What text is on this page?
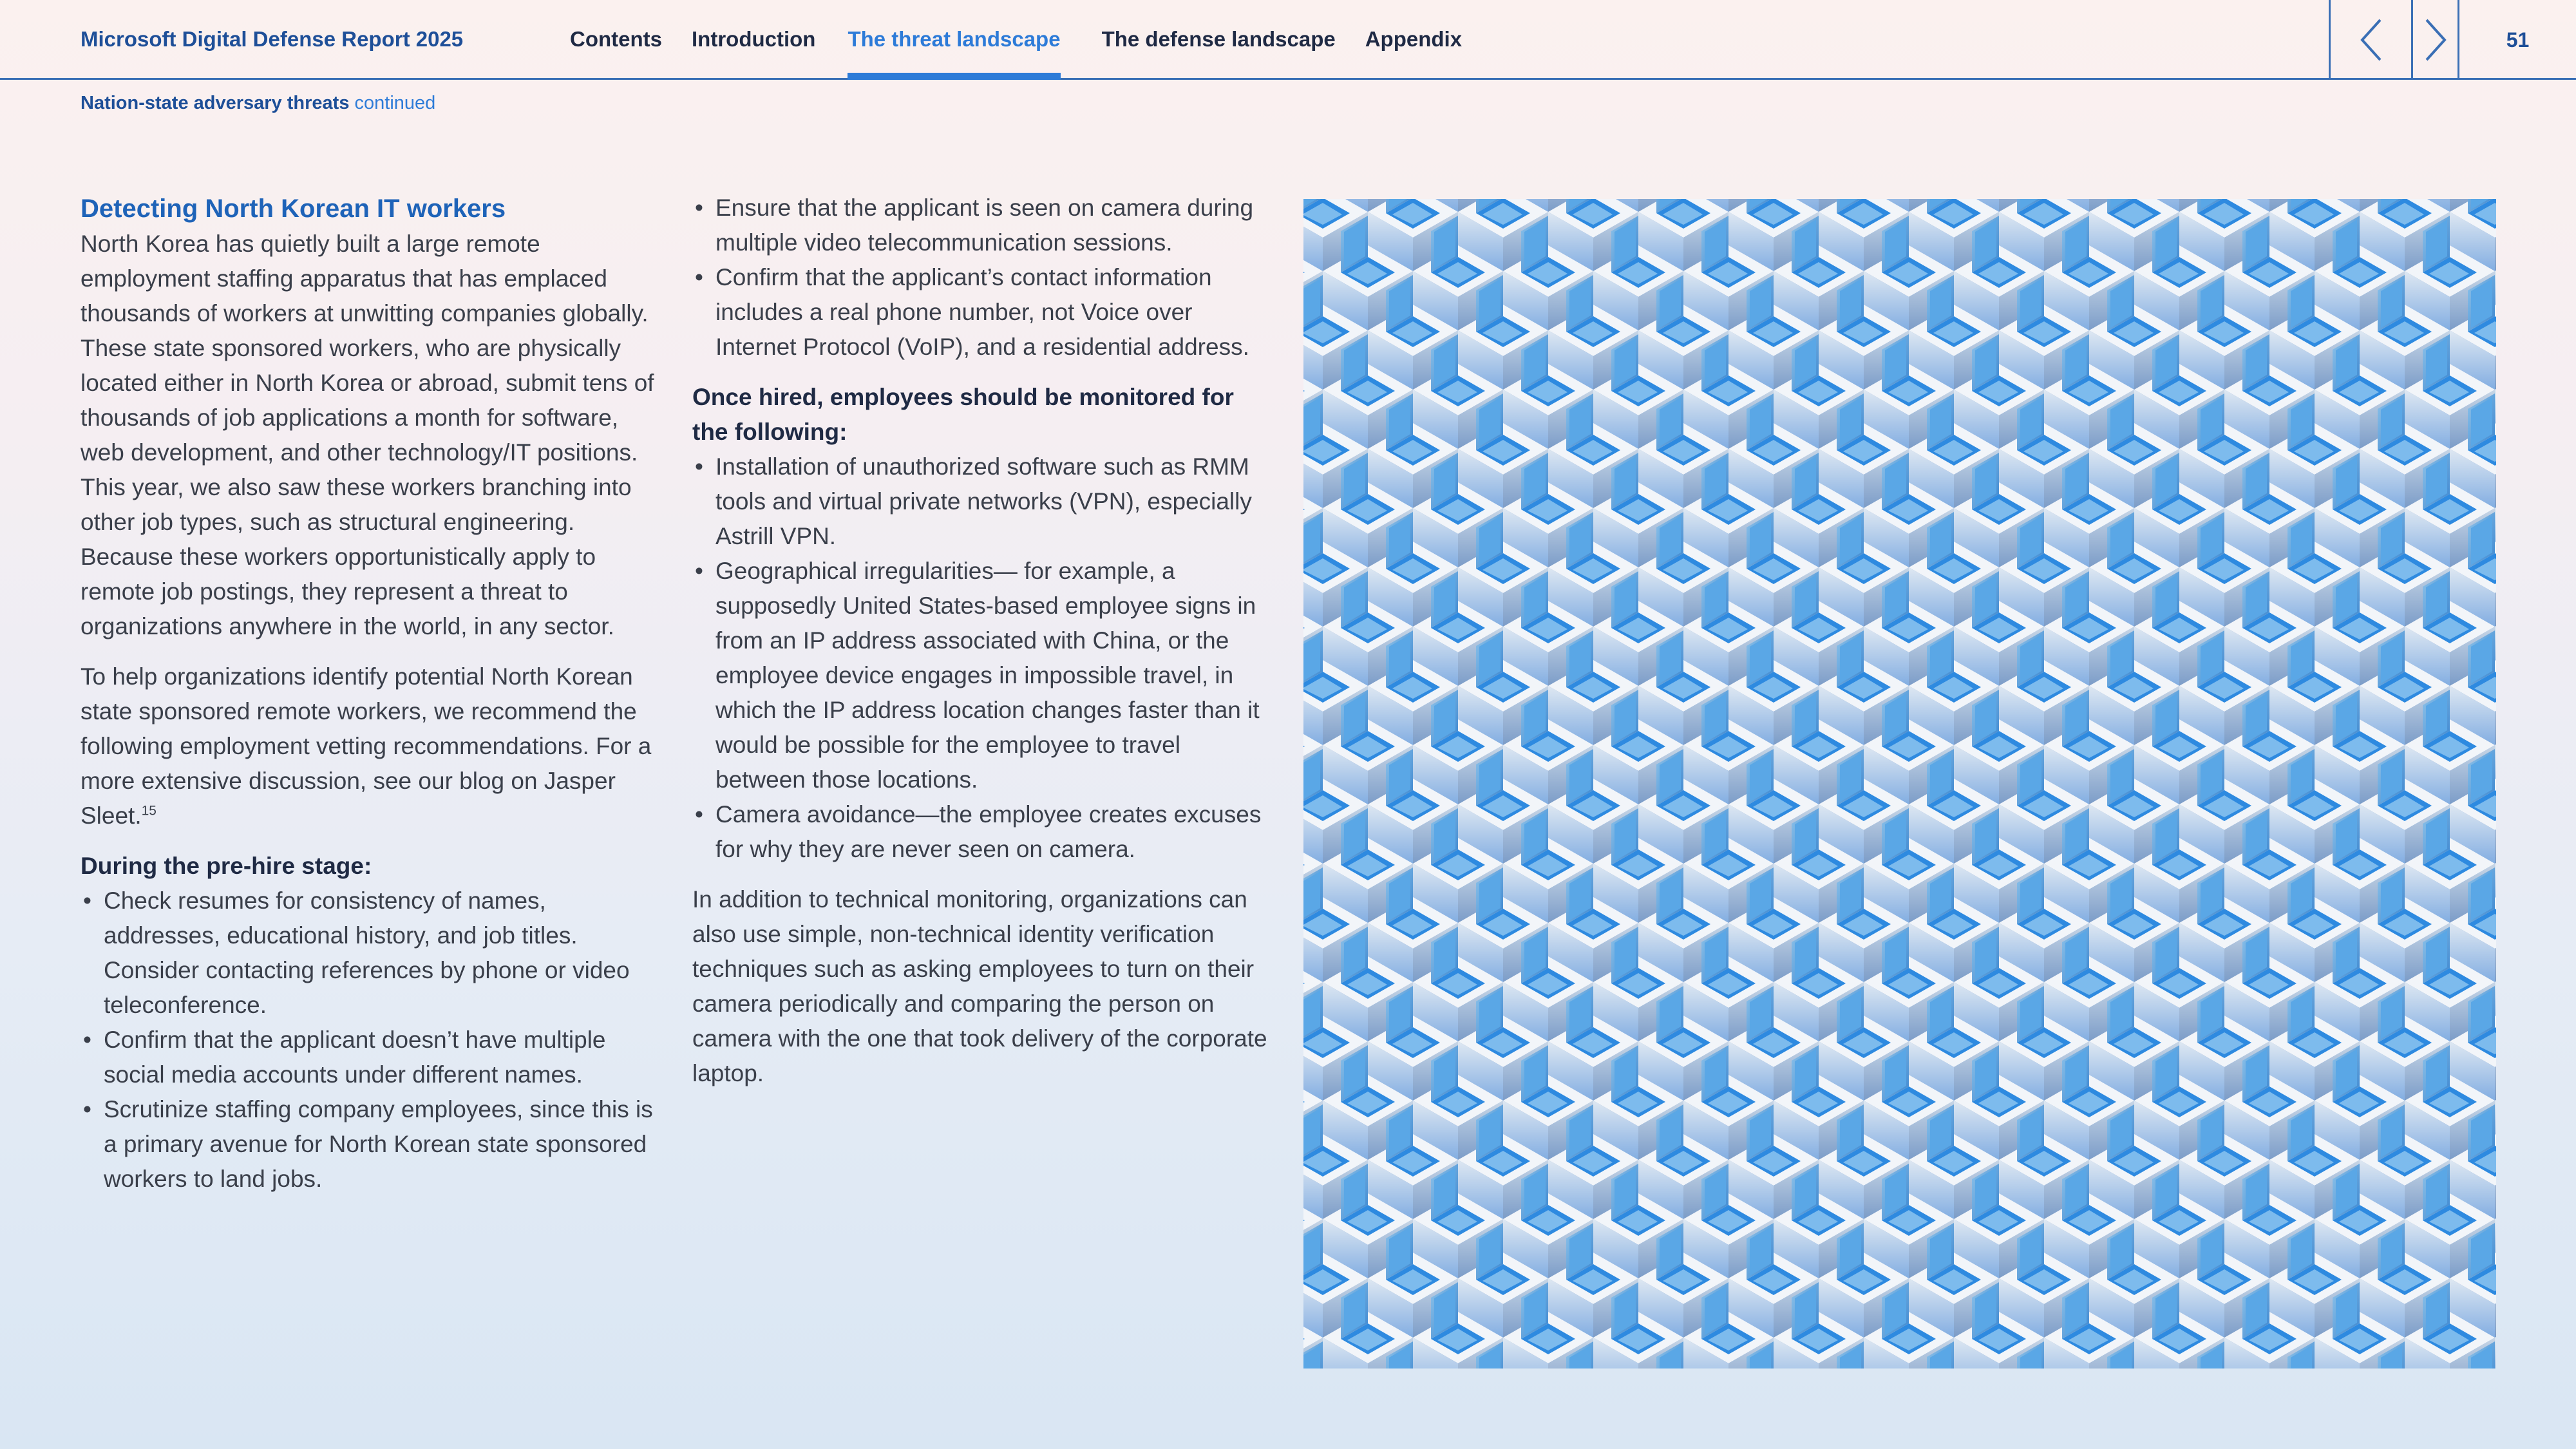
Microsoft Digital Defense Report 2025	Contents Introduction The threat landscape The defense landscape Appendix	51
Nation-state adversary threats continued
Detecting North Korean IT workers
North Korea has quietly built a large remote employment staffing apparatus that has emplaced thousands of workers at unwitting companies globally. These state sponsored workers, who are physically located either in North Korea or abroad, submit tens of thousands of job applications a month for software, web development, and other technology/IT positions. This year, we also saw these workers branching into other job types, such as structural engineering. Because these workers opportunistically apply to remote job postings, they represent a threat to organizations anywhere in the world, in any sector.
To help organizations identify potential North Korean state sponsored remote workers, we recommend the following employment vetting recommendations. For a more extensive discussion, see our blog on Jasper Sleet.$^{15}$
During the pre-hire stage:
• Check resumes for consistency of names, addresses, educational history, and job titles. Consider contacting references by phone or video teleconference.
• Confirm that the applicant doesn’t have multiple social media accounts under different names.
• Scrutinize staffing company employees, since this is a primary avenue for North Korean state sponsored workers to land jobs.
• Ensure that the applicant is seen on camera during multiple video telecommunication sessions.
• Confirm that the applicant’s contact information includes a real phone number, not Voice over Internet Protocol (VoIP), and a residential address.
Once hired, employees should be monitored for the following:
• Installation of unauthorized software such as RMM tools and virtual private networks (VPN), especially Astrill VPN.
• Geographical irregularities— for example, a supposedly United States-based employee signs in from an IP address associated with China, or the employee device engages in impossible travel, in which the IP address location changes faster than it would be possible for the employee to travel between those locations.
• Camera avoidance—the employee creates excuses for why they are never seen on camera.
In addition to technical monitoring, organizations can also use simple, non-technical identity verification techniques such as asking employees to turn on their camera periodically and comparing the person on camera with the one that took delivery of the corporate laptop.
